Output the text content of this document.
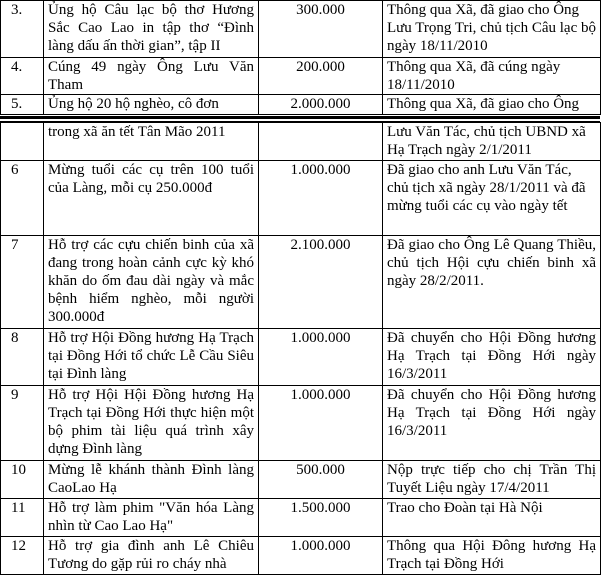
3.	Ủng hộ Câu lạc bộ thơ Hương Sắc Cao Lao in tập thơ “Đình làng dấu ấn thời gian”, tập II	300.000	Thông qua Xã, đã giao cho Ông Lưu Trọng Tri, chủ tịch Câu lạc bộ ngày 18/11/2010
4.	Cúng 49 ngày Ông Lưu Văn Tham	200.000	Thông qua Xã, đã cúng ngày 18/11/2010
5.	Ủng hộ 20 hộ nghèo, cô đơn	2.000.000	Thông qua Xã, đã giao cho Ông
	trong xã ăn tết Tân Mão 2011		Lưu Văn Tác, chủ tịch UBND xã Hạ Trạch ngày 2/1/2011
6	Mừng tuổi các cụ trên 100 tuổi của Làng, mỗi cụ 250.000đ	1.000.000	Đã giao cho anh Lưu Văn Tác, chủ tịch xã ngày 28/1/2011 và đã mừng tuổi các cụ vào ngày tết
7	Hỗ trợ các cựu chiến binh của xã đang trong hoàn cảnh cực kỳ khó khăn do ốm đau dài ngày và mắc bệnh hiểm nghèo, mỗi người 300.000đ	2.100.000	Đã giao cho Ông Lê Quang Thiều, chủ tịch Hội cựu chiến binh xã ngày 28/2/2011.
8	Hỗ trợ Hội Đồng hương Hạ Trạch tại Đồng Hới tổ chức Lễ Cầu Siêu tại Đình làng	1.000.000	Đã chuyển cho Hội Đồng hương Hạ Trạch tại Đồng Hới ngày 16/3/2011
9	Hỗ trợ Hội Hội Đồng hương Hạ Trạch tại Đồng Hới thực hiện một bộ phim tài liệu quá trình xây dựng Đình làng	1.000.000	Đã chuyển cho Hội Đồng hương Hạ Trạch tại Đồng Hới ngày 16/3/2011
10	Mừng lễ khánh thành Đình làng CaoLao Hạ	500.000	Nộp trực tiếp cho chị Trần Thị Tuyết Liệu ngày 17/4/2011
11	Hỗ trợ làm phim "Văn hóa Làng nhìn từ Cao Lao Hạ"	1.500.000	Trao cho Đoàn tại Hà Nội
12	Hỗ trợ gia đình anh Lê Chiêu Tương do gặp rủi ro cháy nhà	1.000.000	Thông qua Hội Đông hương Hạ Trạch tại Đồng Hới
